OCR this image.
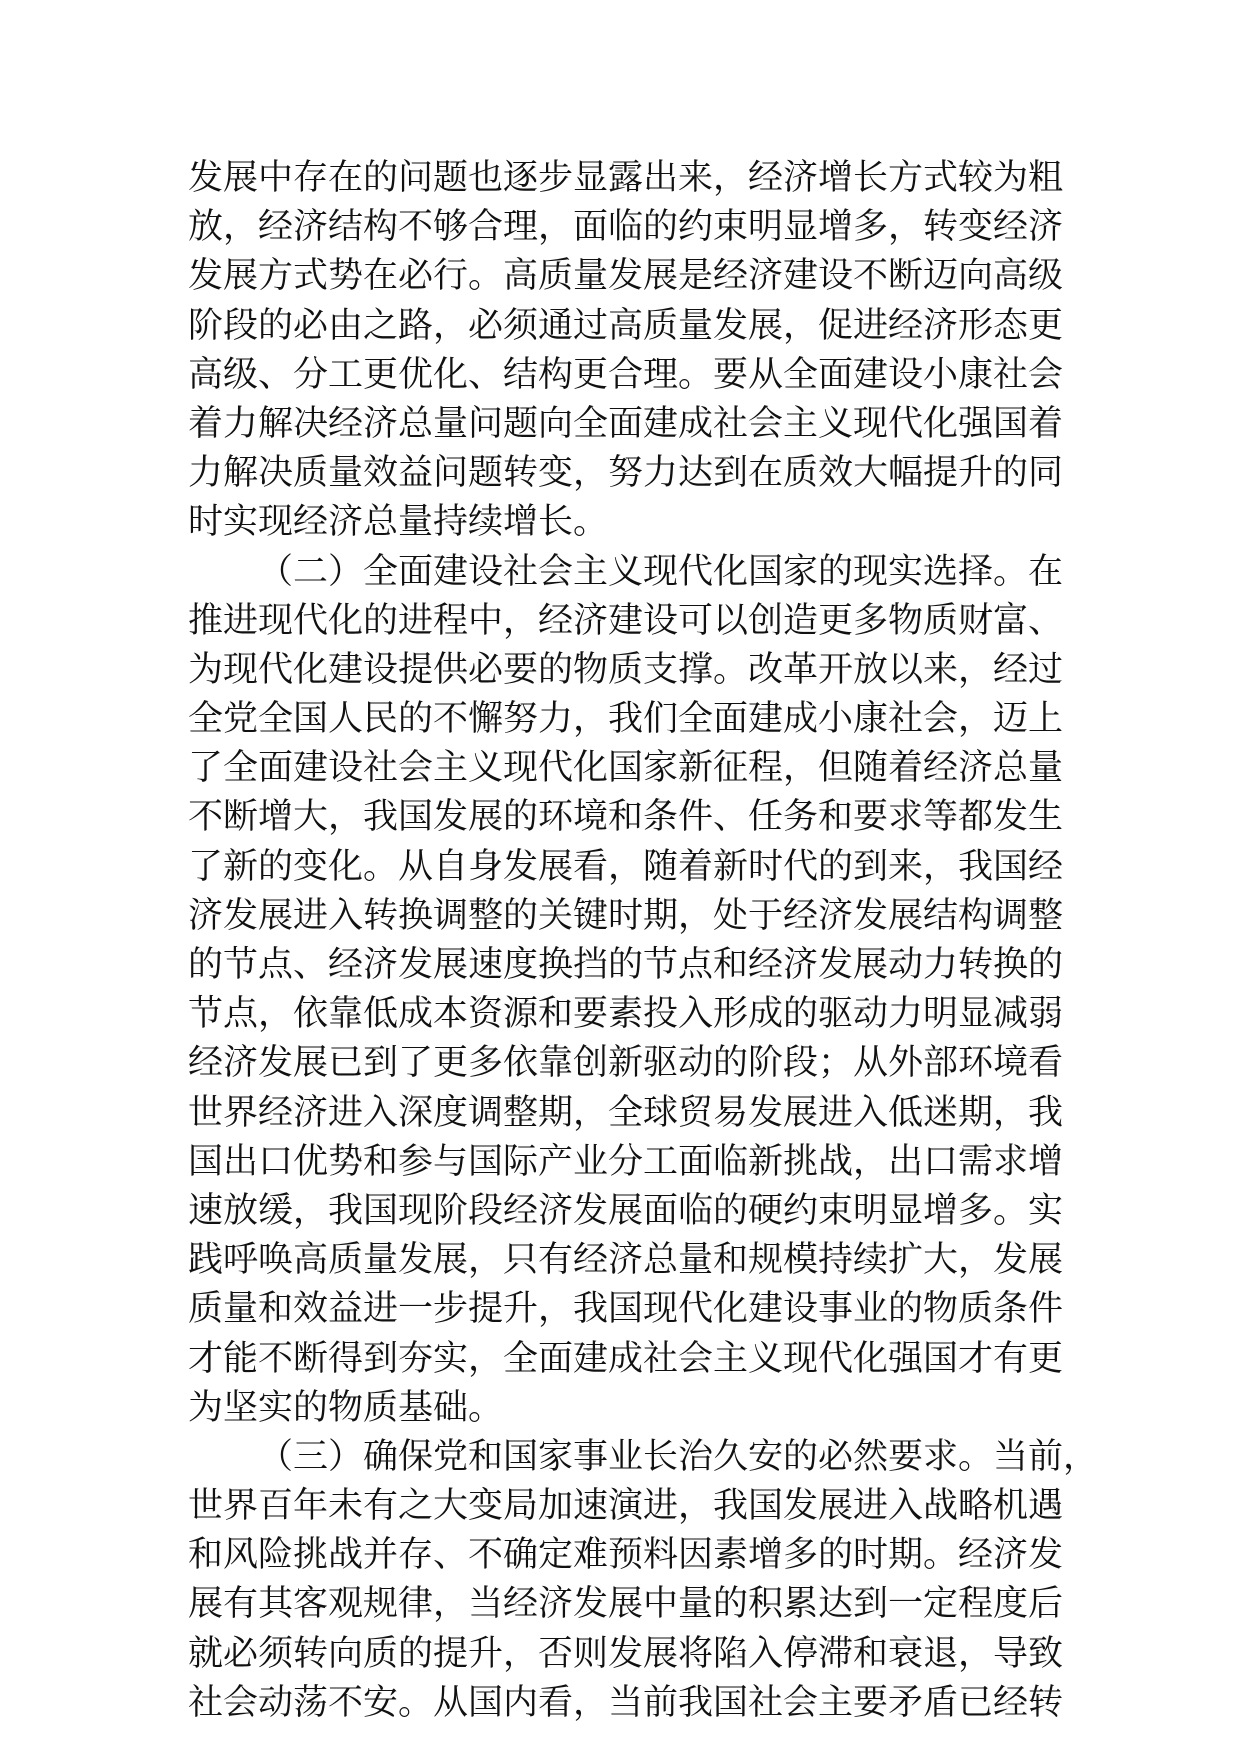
发展中存在的问题也逐步显露出来，经济增长方式较为粗
放，经济结构不够合理，面临的约束明显增多，转变经济
发展方式势在必行。高质量发展是经济建设不断迈向高级
阶段的必由之路，必须通过高质量发展，促进经济形态更
高级、分工更优化、结构更合理。要从全面建设小康社会
着力解决经济总量问题向全面建成社会主义现代化强国着
力解决质量效益问题转变，努力达到在质效大幅提升的同
时实现经济总量持续增长。
（二）全面建设社会主义现代化国家的现实选择。在
推进现代化的进程中，经济建设可以创造更多物质财富、
为现代化建设提供必要的物质支撑。改革开放以来，经过
全党全国人民的不懈努力，我们全面建成小康社会，迈上
了全面建设社会主义现代化国家新征程，但随着经济总量
不断增大，我国发展的环境和条件、任务和要求等都发生
了新的变化。从自身发展看，随着新时代的到来，我国经
济发展进入转换调整的关键时期，处于经济发展结构调整
的节点、经济发展速度换挡的节点和经济发展动力转换的
节点，依靠低成本资源和要素投入形成的驱动力明显减弱
经济发展已到了更多依靠创新驱动的阶段；从外部环境看
世界经济进入深度调整期，全球贸易发展进入低迷期，我
国出口优势和参与国际产业分工面临新挑战，出口需求增
速放缓，我国现阶段经济发展面临的硬约束明显增多。实
践呼唤高质量发展，只有经济总量和规模持续扩大，发展
质量和效益进一步提升，我国现代化建设事业的物质条件
才能不断得到夯实，全面建成社会主义现代化强国才有更
为坚实的物质基础。
（三）确保党和国家事业长治久安的必然要求。当前，
世界百年未有之大变局加速演进，我国发展进入战略机遇
和风险挑战并存、不确定难预料因素增多的时期。经济发
展有其客观规律，当经济发展中量的积累达到一定程度后
就必须转向质的提升，否则发展将陷入停滞和衰退，导致
社会动荡不安。从国内看，当前我国社会主要矛盾已经转
